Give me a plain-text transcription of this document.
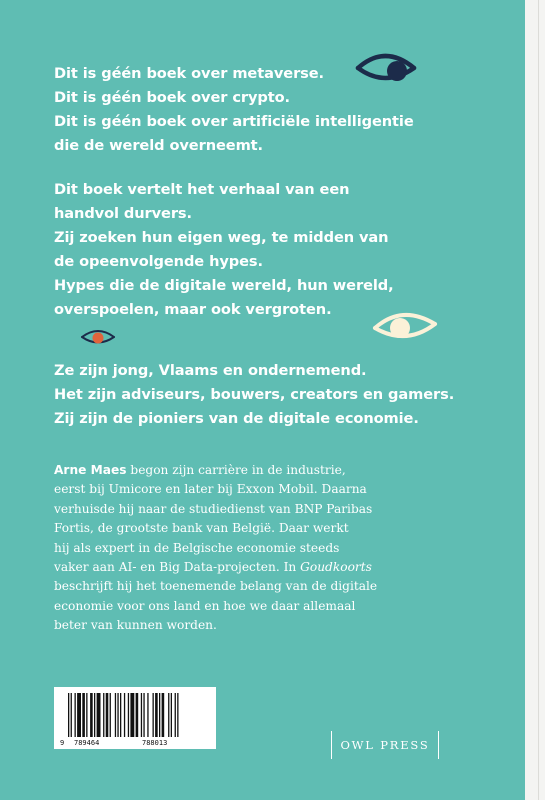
Dit is géén boek over metaverse.
Dit is géén boek over crypto.
Dit is géén boek over artificiële intelligentie
die de wereld overneemt.
Dit boek vertelt het verhaal van een
handvol durvers.
Zij zoeken hun eigen weg, te midden van
de opeenvolgende hypes.
Hypes die de digitale wereld, hun wereld,
overspoelen, maar ook vergroten.
Ze zijn jong, Vlaams en ondernemend.
Het zijn adviseurs, bouwers, creators en gamers.
Zij zijn de pioniers van de digitale economie.
Arne Maes begon zijn carrière in de industrie,
eerst bij Umicore en later bij Exxon Mobil. Daarna
verhuisde hij naar de studiedienst van BNP Paribas
Fortis, de grootste bank van België. Daar werkt
hij als expert in de Belgische economie steeds
vaker aan AI- en Big Data-projecten. In Goudkoorts
beschrijft hij het toenemende belang van de digitale
economie voor ons land en hoe we daar allemaal
beter van kunnen worden.
9 789464	788013	OWL PRESS
